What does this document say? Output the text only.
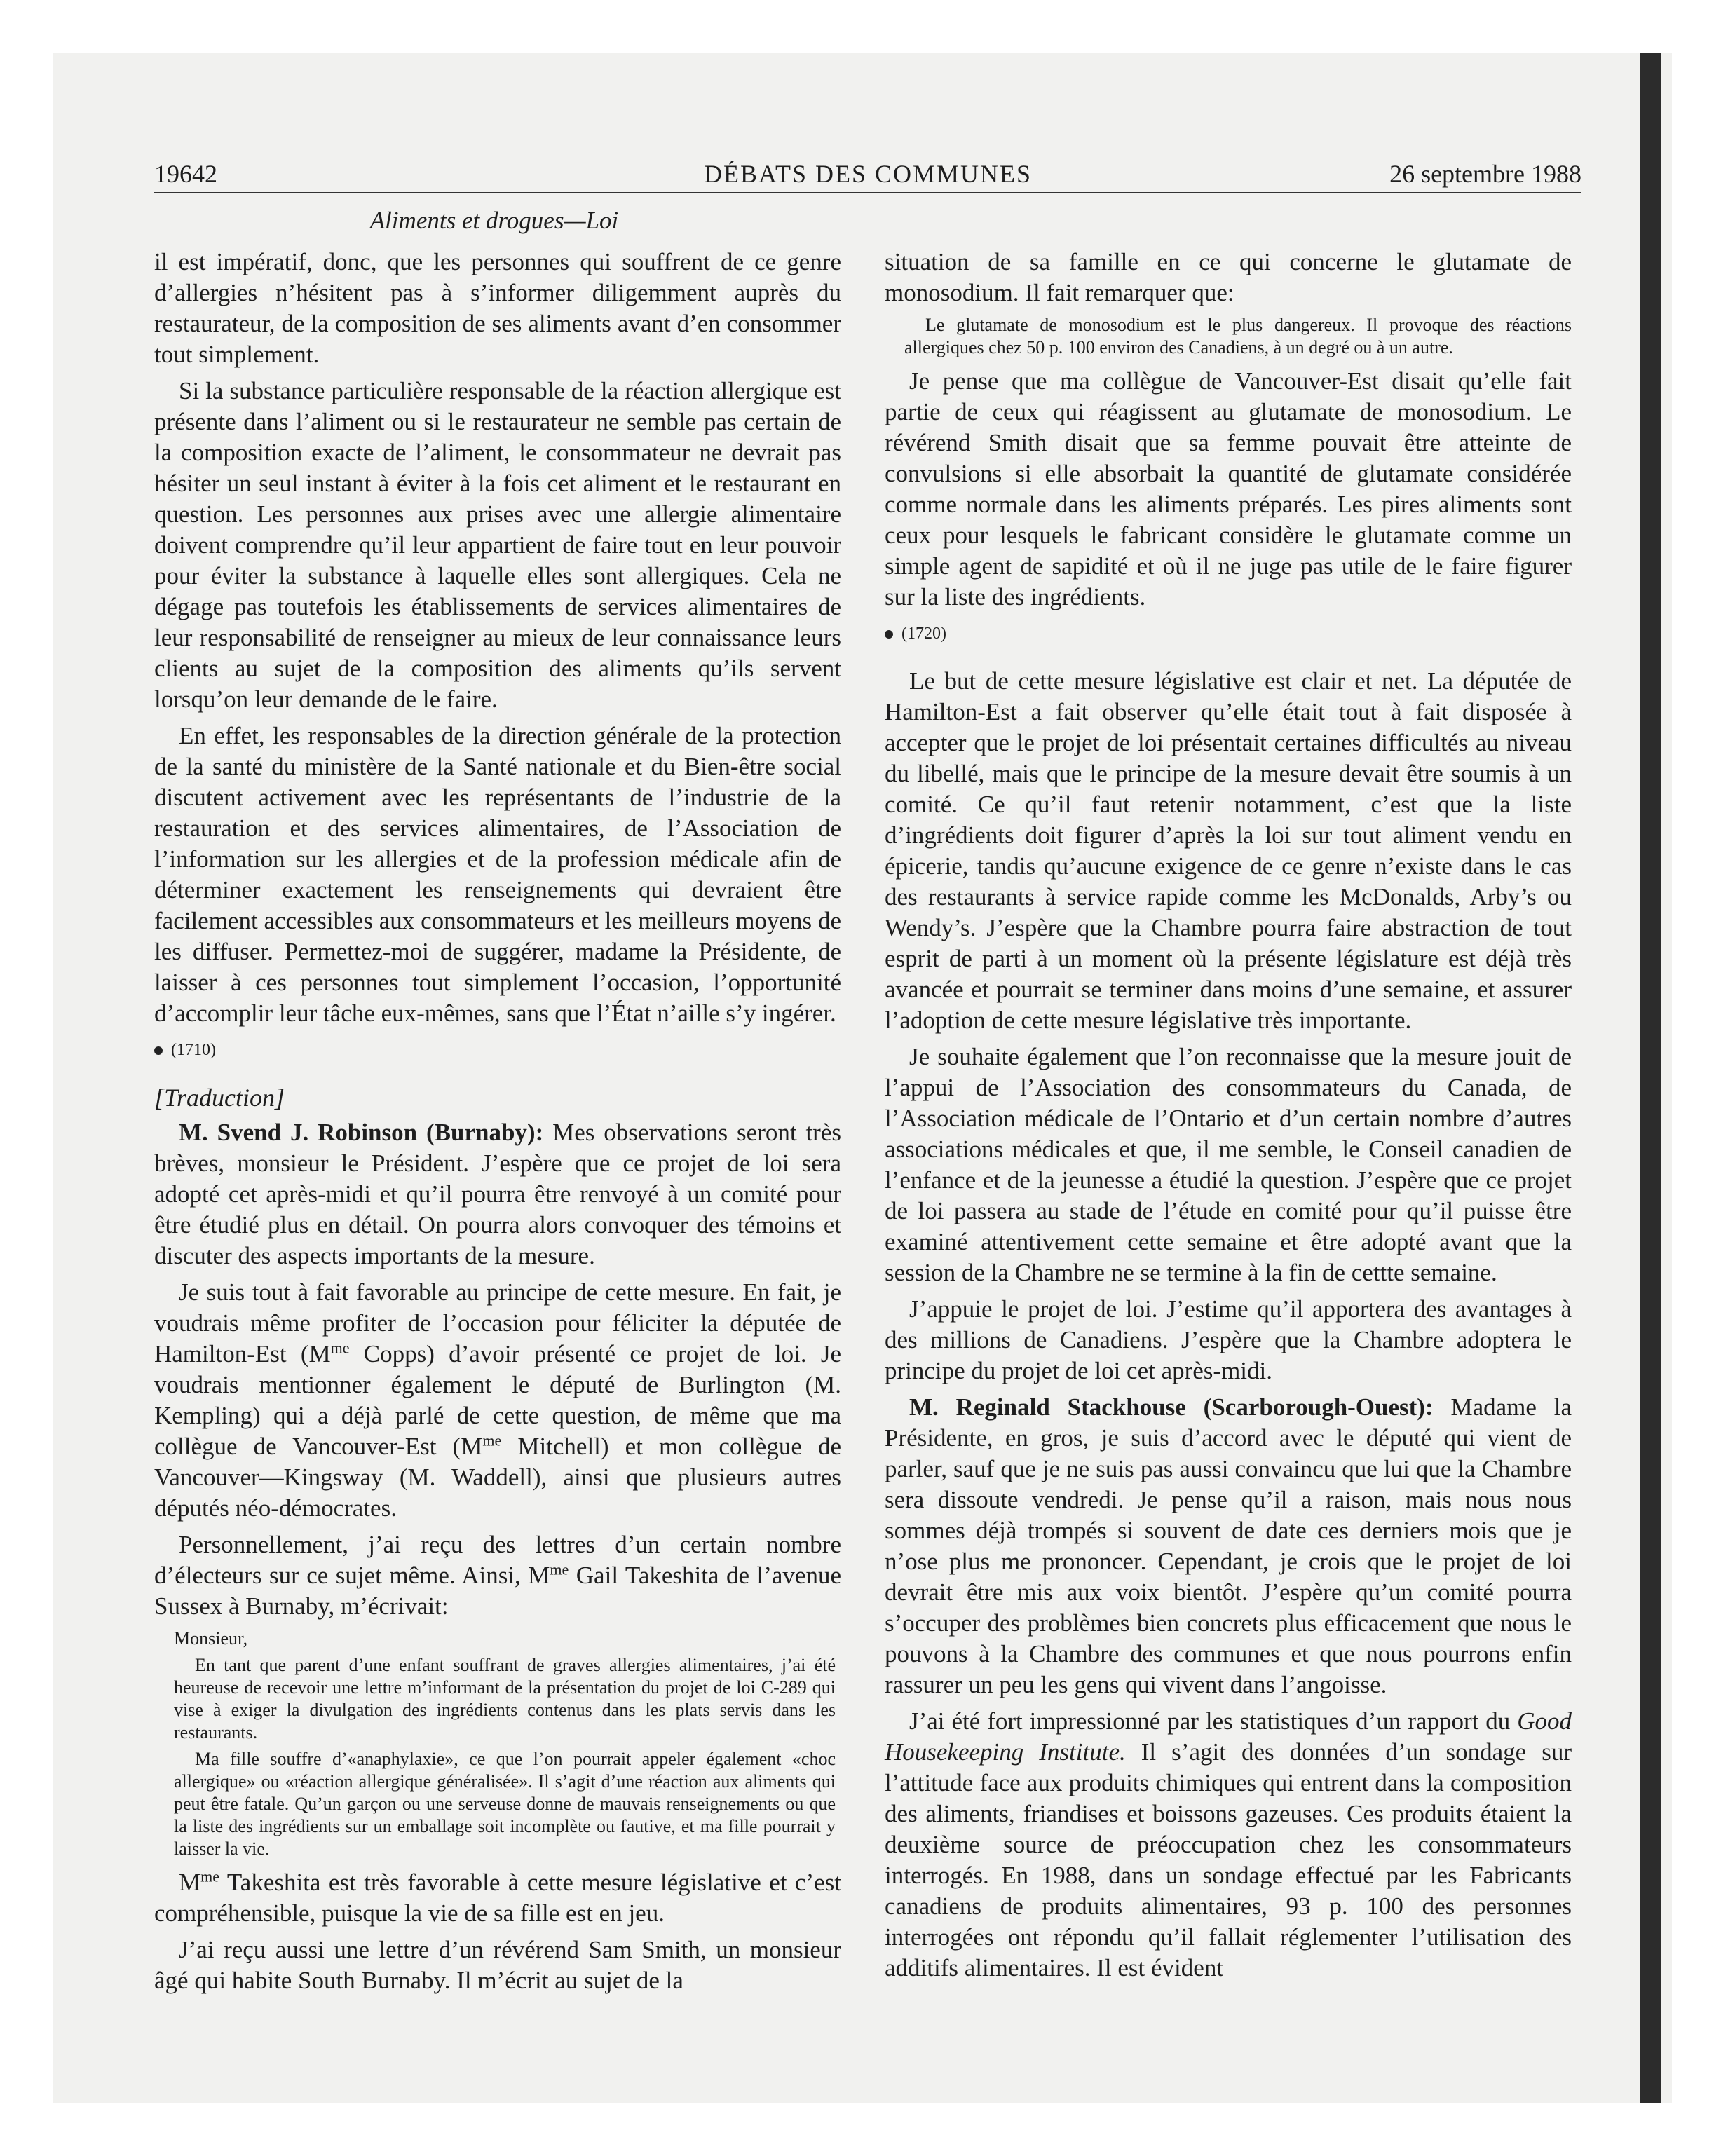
19642	DÉBATS DES COMMUNES	26 septembre 1988
Aliments et drogues—Loi

il est impératif, donc, que les personnes qui souffrent de ce genre d’allergies n’hésitent pas à s’informer diligemment auprès du restaurateur, de la composition de ses aliments avant d’en consommer tout simplement.

Si la substance particulière responsable de la réaction allergique est présente dans l’aliment ou si le restaurateur ne semble pas certain de la composition exacte de l’aliment, le consommateur ne devrait pas hésiter un seul instant à éviter à la fois cet aliment et le restaurant en question. Les personnes aux prises avec une allergie alimentaire doivent comprendre qu’il leur appartient de faire tout en leur pouvoir pour éviter la substance à laquelle elles sont allergiques. Cela ne dégage pas toutefois les établissements de services alimentaires de leur responsabilité de renseigner au mieux de leur connaissance leurs clients au sujet de la composition des aliments qu’ils servent lorsqu’on leur demande de le faire.

En effet, les responsables de la direction générale de la protection de la santé du ministère de la Santé nationale et du Bien-être social discutent activement avec les représentants de l’industrie de la restauration et des services alimentaires, de l’Association de l’information sur les allergies et de la profession médicale afin de déterminer exactement les renseignements qui devraient être facilement accessibles aux consommateurs et les meilleurs moyens de les diffuser. Permettez-moi de suggérer, madame la Présidente, de laisser à ces personnes tout simplement l’occasion, l’opportunité d’accomplir leur tâche eux-mêmes, sans que l’État n’aille s’y ingérer.

(1710)
[Traduction]

M. Svend J. Robinson (Burnaby): Mes observations seront très brèves, monsieur le Président. J’espère que ce projet de loi sera adopté cet après-midi et qu’il pourra être renvoyé à un comité pour être étudié plus en détail. On pourra alors convoquer des témoins et discuter des aspects importants de la mesure.

Je suis tout à fait favorable au principe de cette mesure. En fait, je voudrais même profiter de l’occasion pour féliciter la députée de Hamilton-Est ($M^{me}$ Copps) d’avoir présenté ce projet de loi. Je voudrais mentionner également le député de Burlington (M. Kempling) qui a déjà parlé de cette question, de même que ma collègue de Vancouver-Est ($M^{me}$ Mitchell) et mon collègue de Vancouver—Kingsway (M. Waddell), ainsi que plusieurs autres députés néo-démocrates.

Personnellement, j’ai reçu des lettres d’un certain nombre d’électeurs sur ce sujet même. Ainsi, $M^{me}$ Gail Takeshita de l’avenue Sussex à Burnaby, m’écrivait:

Monsieur,

En tant que parent d’une enfant souffrant de graves allergies alimentaires, j’ai été heureuse de recevoir une lettre m’informant de la présentation du projet de loi C-289 qui vise à exiger la divulgation des ingrédients contenus dans les plats servis dans les restaurants.

Ma fille souffre d’«anaphylaxie», ce que l’on pourrait appeler également «choc allergique» ou «réaction allergique généralisée». Il s’agit d’une réaction aux aliments qui peut être fatale. Qu’un garçon ou une serveuse donne de mauvais renseignements ou que la liste des ingrédients sur un emballage soit incomplète ou fautive, et ma fille pourrait y laisser la vie.

$M^{me}$ Takeshita est très favorable à cette mesure législative et c’est compréhensible, puisque la vie de sa fille est en jeu.

J’ai reçu aussi une lettre d’un révérend Sam Smith, un monsieur âgé qui habite South Burnaby. Il m’écrit au sujet de la

situation de sa famille en ce qui concerne le glutamate de monosodium. Il fait remarquer que:

Le glutamate de monosodium est le plus dangereux. Il provoque des réactions allergiques chez 50 p. 100 environ des Canadiens, à un degré ou à un autre.

Je pense que ma collègue de Vancouver-Est disait qu’elle fait partie de ceux qui réagissent au glutamate de monosodium. Le révérend Smith disait que sa femme pouvait être atteinte de convulsions si elle absorbait la quantité de glutamate considérée comme normale dans les aliments préparés. Les pires aliments sont ceux pour lesquels le fabricant considère le glutamate comme un simple agent de sapidité et où il ne juge pas utile de le faire figurer sur la liste des ingrédients.

(1720)

Le but de cette mesure législative est clair et net. La députée de Hamilton-Est a fait observer qu’elle était tout à fait disposée à accepter que le projet de loi présentait certaines difficultés au niveau du libellé, mais que le principe de la mesure devait être soumis à un comité. Ce qu’il faut retenir notamment, c’est que la liste d’ingrédients doit figurer d’après la loi sur tout aliment vendu en épicerie, tandis qu’aucune exigence de ce genre n’existe dans le cas des restaurants à service rapide comme les McDonalds, Arby’s ou Wendy’s. J’espère que la Chambre pourra faire abstraction de tout esprit de parti à un moment où la présente législature est déjà très avancée et pourrait se terminer dans moins d’une semaine, et assurer l’adoption de cette mesure législative très importante.

Je souhaite également que l’on reconnaisse que la mesure jouit de l’appui de l’Association des consommateurs du Canada, de l’Association médicale de l’Ontario et d’un certain nombre d’autres associations médicales et que, il me semble, le Conseil canadien de l’enfance et de la jeunesse a étudié la question. J’espère que ce projet de loi passera au stade de l’étude en comité pour qu’il puisse être examiné attentivement cette semaine et être adopté avant que la session de la Chambre ne se termine à la fin de cettte semaine.

J’appuie le projet de loi. J’estime qu’il apportera des avantages à des millions de Canadiens. J’espère que la Chambre adoptera le principe du projet de loi cet après-midi.

M. Reginald Stackhouse (Scarborough-Ouest): Madame la Présidente, en gros, je suis d’accord avec le député qui vient de parler, sauf que je ne suis pas aussi convaincu que lui que la Chambre sera dissoute vendredi. Je pense qu’il a raison, mais nous nous sommes déjà trompés si souvent de date ces derniers mois que je n’ose plus me prononcer. Cependant, je crois que le projet de loi devrait être mis aux voix bientôt. J’espère qu’un comité pourra s’occuper des problèmes bien concrets plus efficacement que nous le pouvons à la Chambre des communes et que nous pourrons enfin rassurer un peu les gens qui vivent dans l’angoisse.

J’ai été fort impressionné par les statistiques d’un rapport du Good Housekeeping Institute. Il s’agit des données d’un sondage sur l’attitude face aux produits chimiques qui entrent dans la composition des aliments, friandises et boissons gazeuses. Ces produits étaient la deuxième source de préoccupation chez les consommateurs interrogés. En 1988, dans un sondage effectué par les Fabricants canadiens de produits alimentaires, 93 p. 100 des personnes interrogées ont répondu qu’il fallait réglementer l’utilisation des additifs alimentaires. Il est évident
